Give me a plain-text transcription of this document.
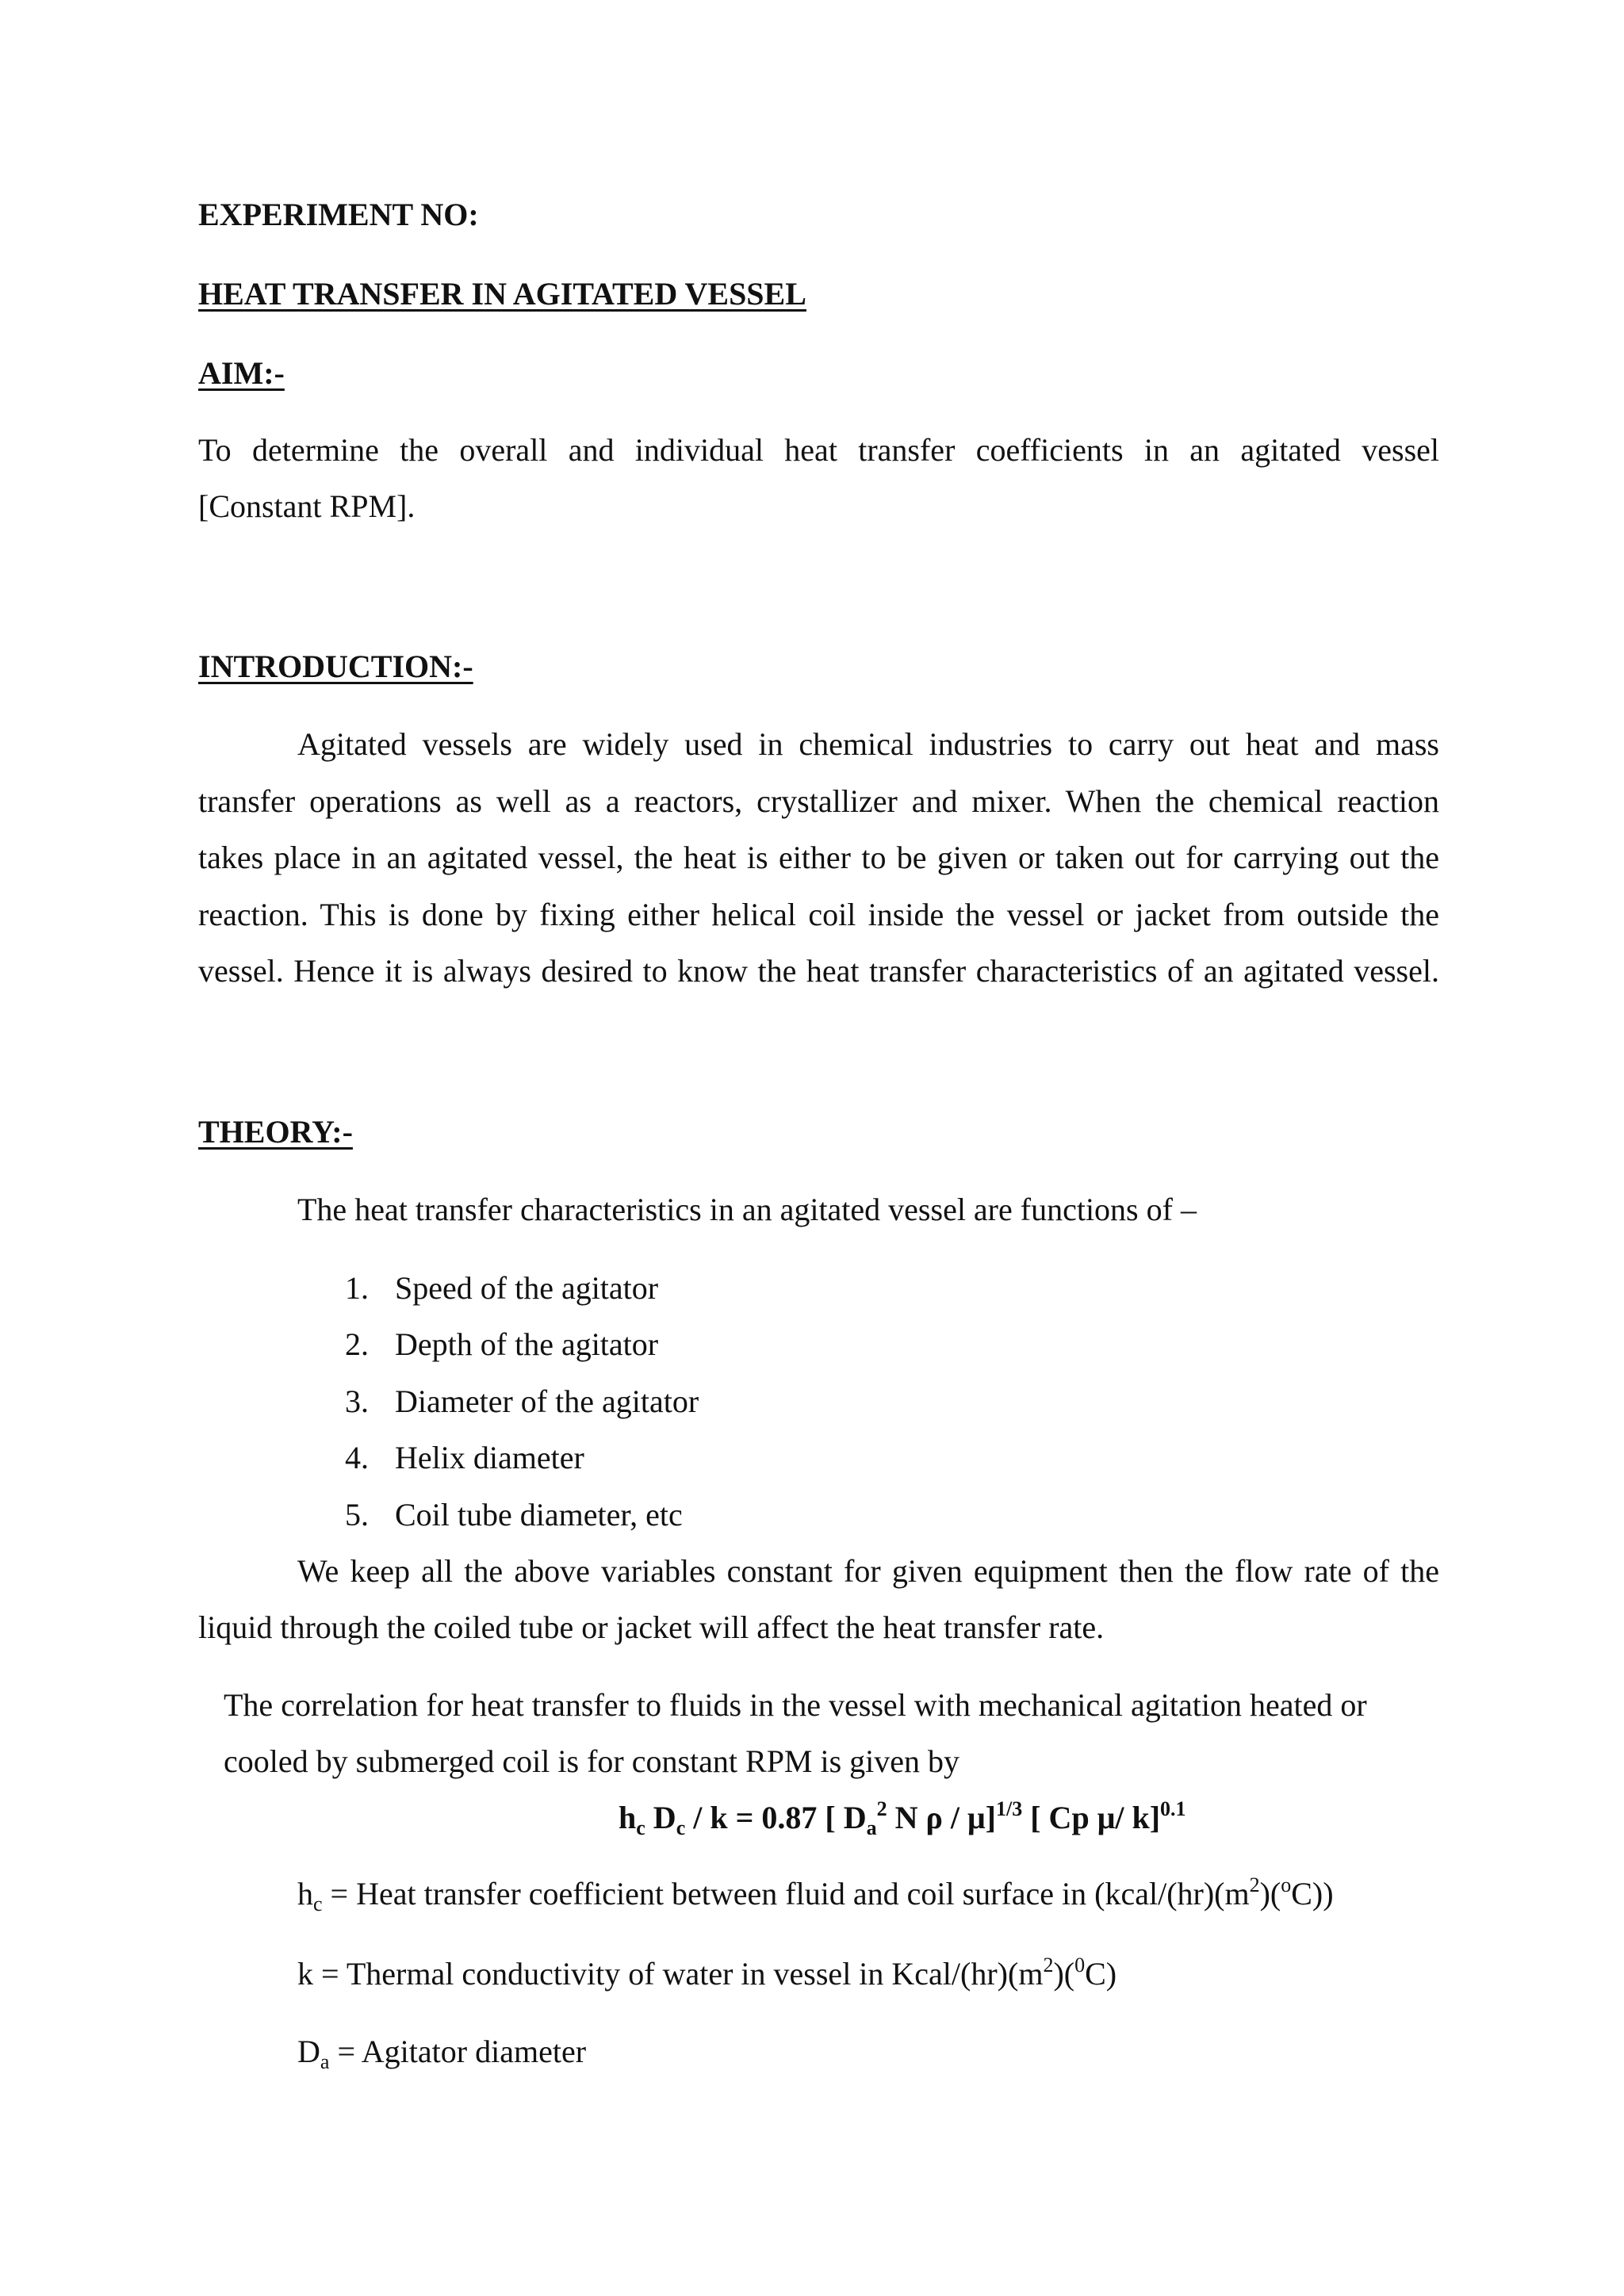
EXPERIMENT NO:
HEAT TRANSFER IN AGITATED VESSEL
AIM:-
To determine the overall and individual heat transfer coefficients in an agitated vessel
[Constant RPM].
INTRODUCTION:-
Agitated vessels are widely used in chemical industries to carry out heat and mass
transfer operations as well as a reactors, crystallizer and mixer. When the chemical reaction
takes place in an agitated vessel, the heat is either to be given or taken out for carrying out the
reaction. This is done by fixing either helical coil inside the vessel or jacket from outside the
vessel. Hence it is always desired to know the heat transfer characteristics of an agitated vessel.
THEORY:-
The heat transfer characteristics in an agitated vessel are functions of –
1. Speed of the agitator
2. Depth of the agitator
3. Diameter of the agitator
4. Helix diameter
5. Coil tube diameter, etc
We keep all the above variables constant for given equipment then the flow rate of the
liquid through the coiled tube or jacket will affect the heat transfer rate.
The correlation for heat transfer to fluids in the vessel with mechanical agitation heated or
cooled by submerged coil is for constant RPM is given by
$h_c$ $D_c / k = 0.87$ [ $D_a^2$ N ρ / μ]$^{1/3}$ [ Cp μ/ k]$^{0.1}$
$h_c$ = Heat transfer coefficient between fluid and coil surface in $(kcal/(hr)(m^2)(^oC))$
k = Thermal conductivity of water in vessel in Kcal/$(hr)(m^2)(^0C)$
$D_a$ = Agitator diameter
